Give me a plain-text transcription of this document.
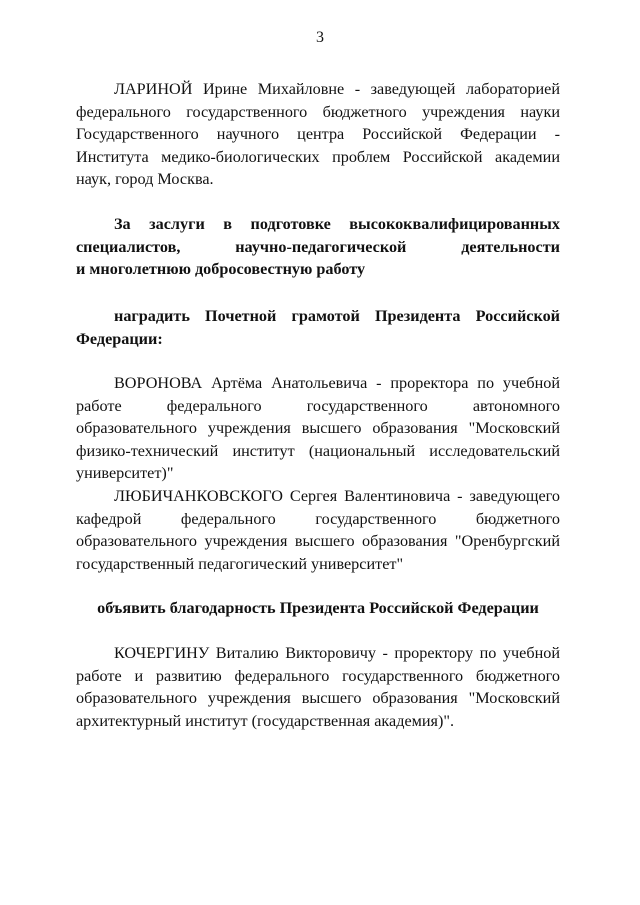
3

ЛАРИНОЙ Ирине Михайловне - заведующей лабораторией федерального государственного бюджетного учреждения науки Государственного научного центра Российской Федерации - Института медико-биологических проблем Российской академии наук, город Москва.

За заслуги в подготовке высококвалифицированных
специалистов, научно-педагогической деятельности
и многолетнюю добросовестную работу
наградить Почетной грамотой Президента Российской
Федерации:

ВОРОНОВА Артёма Анатольевича - проректора по учебной работе федерального государственного автономного образовательного учреждения высшего образования "Московский физико-технический институт (национальный исследовательский университет)"

ЛЮБИЧАНКОВСКОГО Сергея Валентиновича - заведующего кафедрой федерального государственного бюджетного образовательного учреждения высшего образования "Оренбургский государственный педагогический университет"

объявить благодарность Президента Российской Федерации

КОЧЕРГИНУ Виталию Викторовичу - проректору по учебной работе и развитию федерального государственного бюджетного образовательного учреждения высшего образования "Московский архитектурный институт (государственная академия)".
